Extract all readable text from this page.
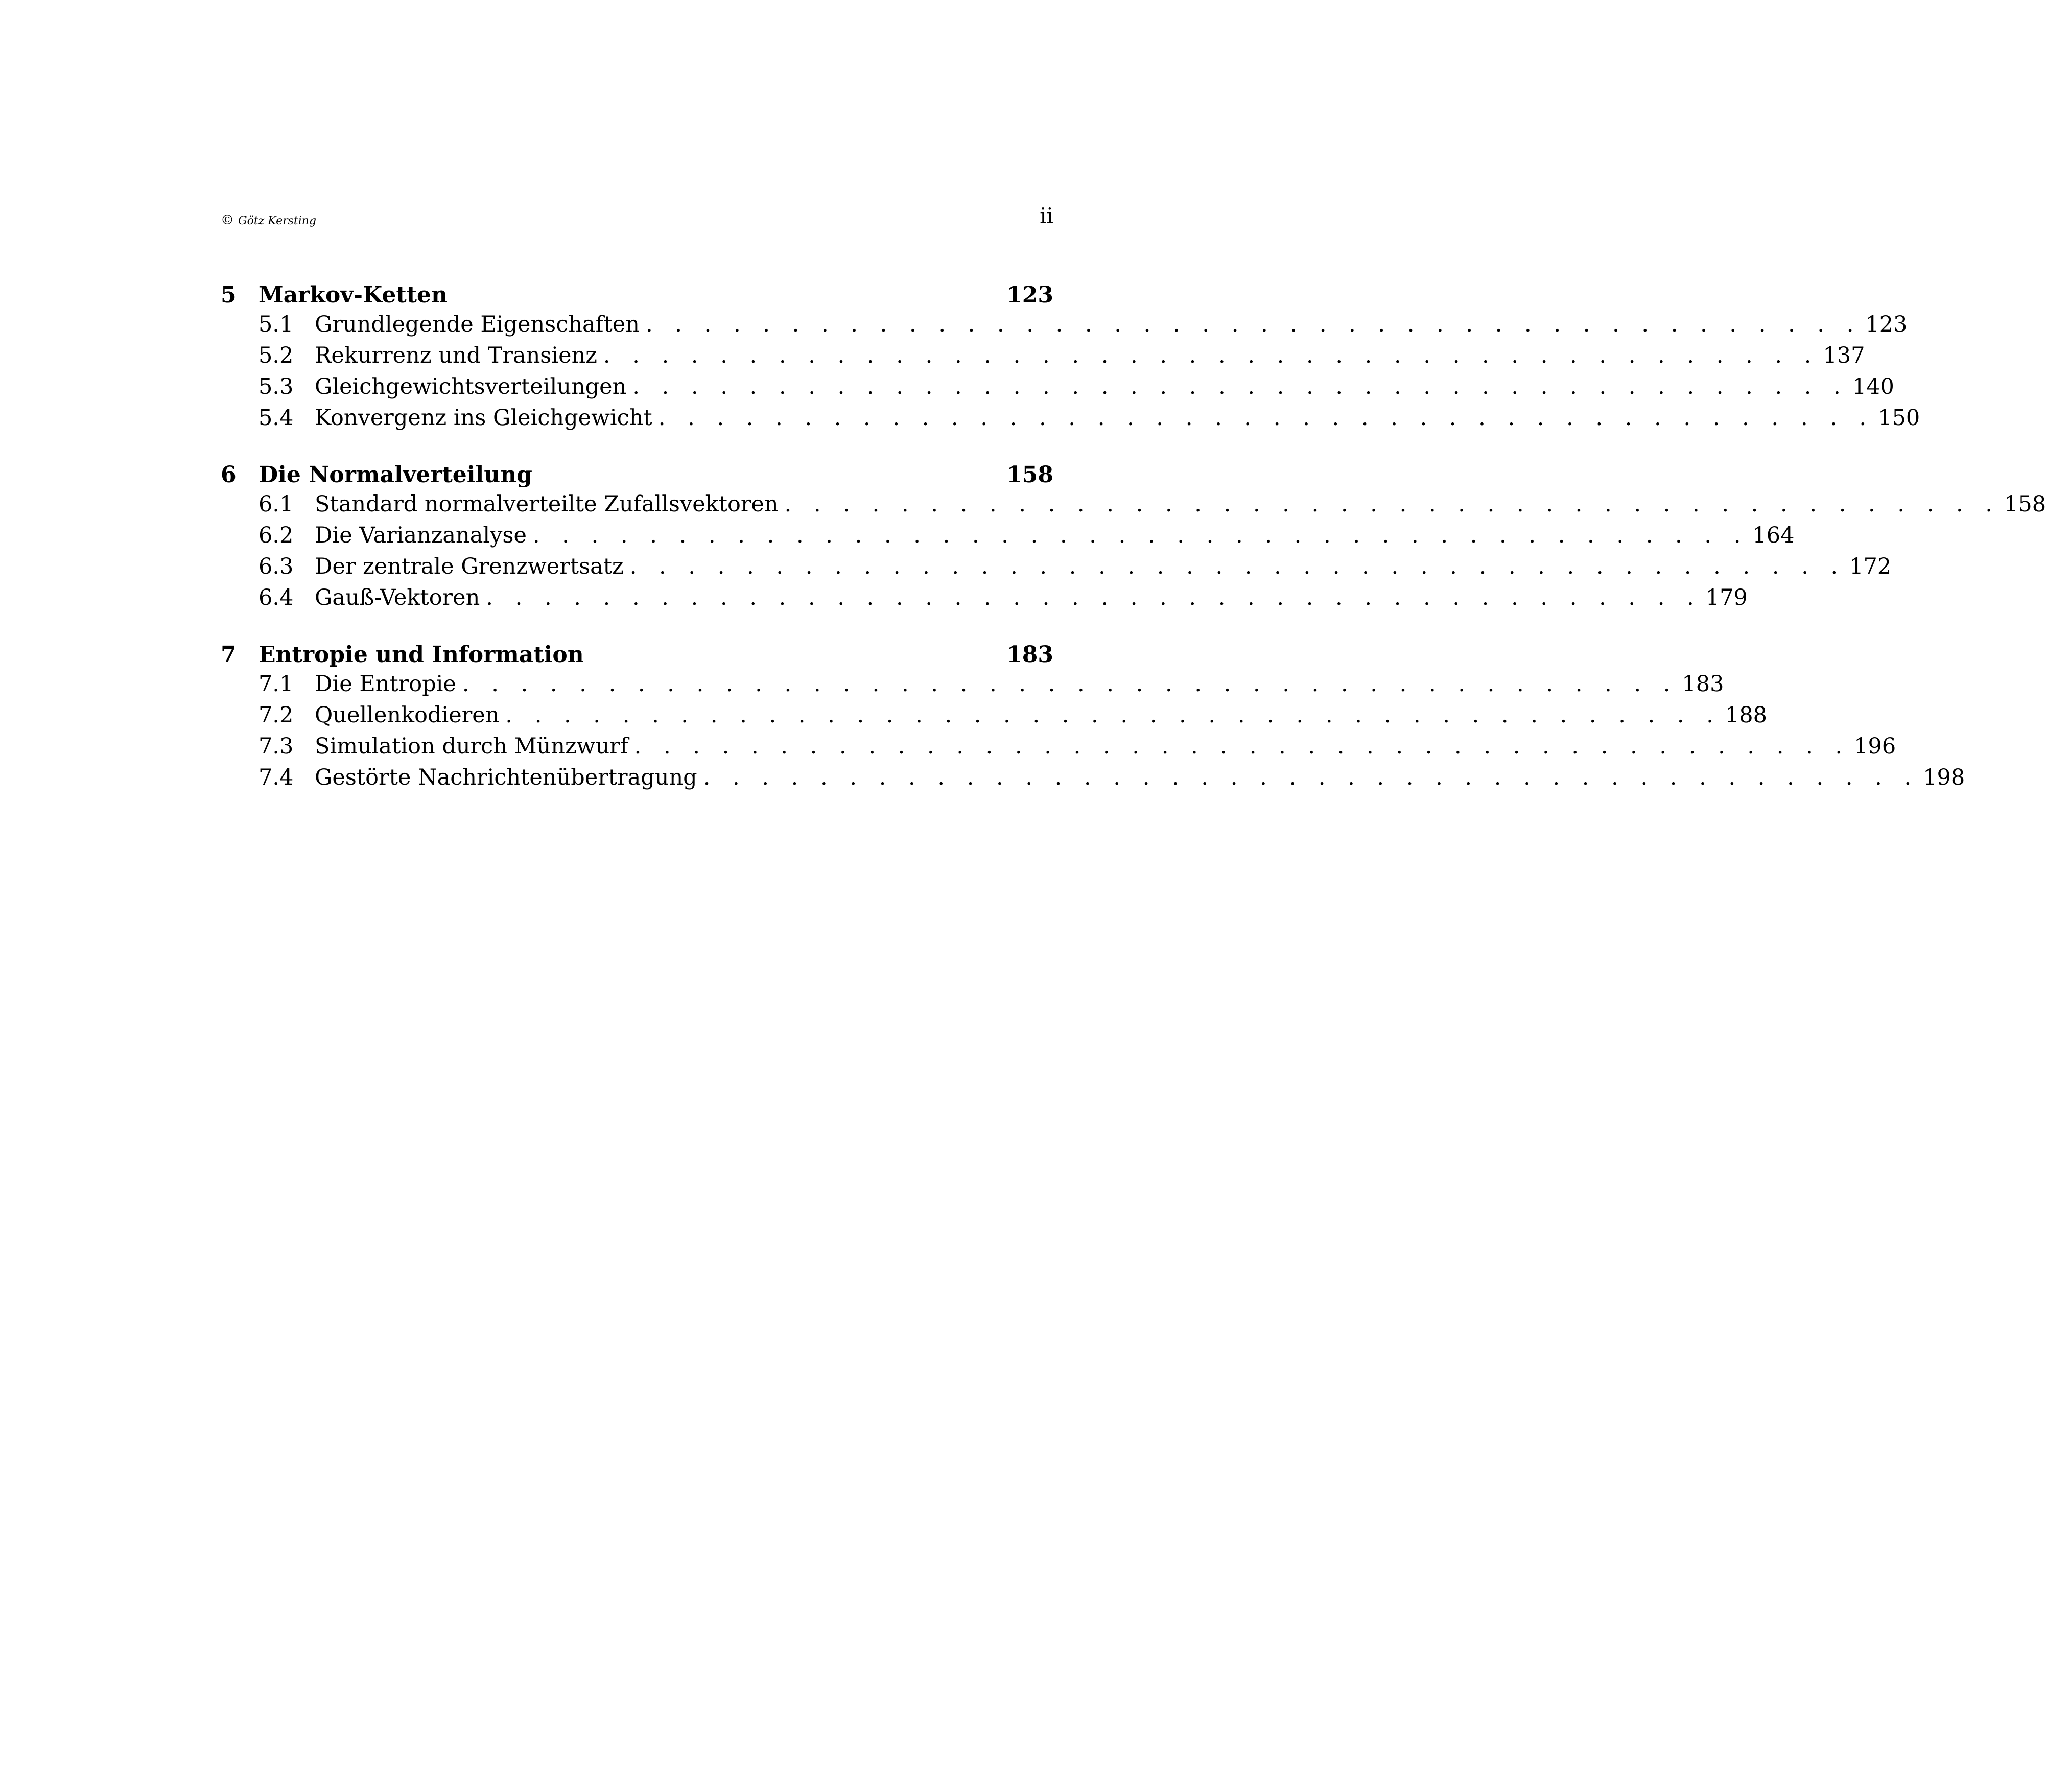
© Götz Kersting	ii
5 Markov-Ketten	123
5.1 Grundlegende Eigenschaften . . . . . . . . . . . . . . . . . . . . . . . . . . . . . . . . . . . . . . . . . . 123
5.2 Rekurrenz und Transienz . . . . . . . . . . . . . . . . . . . . . . . . . . . . . . . . . . . . . . . . . . 137
5.3 Gleichgewichtsverteilungen . . . . . . . . . . . . . . . . . . . . . . . . . . . . . . . . . . . . . . . . . . 140
5.4 Konvergenz ins Gleichgewicht . . . . . . . . . . . . . . . . . . . . . . . . . . . . . . . . . . . . . . . . . . 150
6 Die Normalverteilung	158
6.1 Standard normalverteilte Zufallsvektoren . . . . . . . . . . . . . . . . . . . . . . . . . . . . . . . . . . . . . . . . . . 158
6.2 Die Varianzanalyse . . . . . . . . . . . . . . . . . . . . . . . . . . . . . . . . . . . . . . . . . . 164
6.3 Der zentrale Grenzwertsatz . . . . . . . . . . . . . . . . . . . . . . . . . . . . . . . . . . . . . . . . . . 172
6.4 Gauß-Vektoren . . . . . . . . . . . . . . . . . . . . . . . . . . . . . . . . . . . . . . . . . . 179
7 Entropie und Information	183
7.1 Die Entropie . . . . . . . . . . . . . . . . . . . . . . . . . . . . . . . . . . . . . . . . . . 183
7.2 Quellenkodieren . . . . . . . . . . . . . . . . . . . . . . . . . . . . . . . . . . . . . . . . . . 188
7.3 Simulation durch Münzwurf . . . . . . . . . . . . . . . . . . . . . . . . . . . . . . . . . . . . . . . . . . 196
7.4 Gestörte Nachrichtenübertragung . . . . . . . . . . . . . . . . . . . . . . . . . . . . . . . . . . . . . . . . . . 198
